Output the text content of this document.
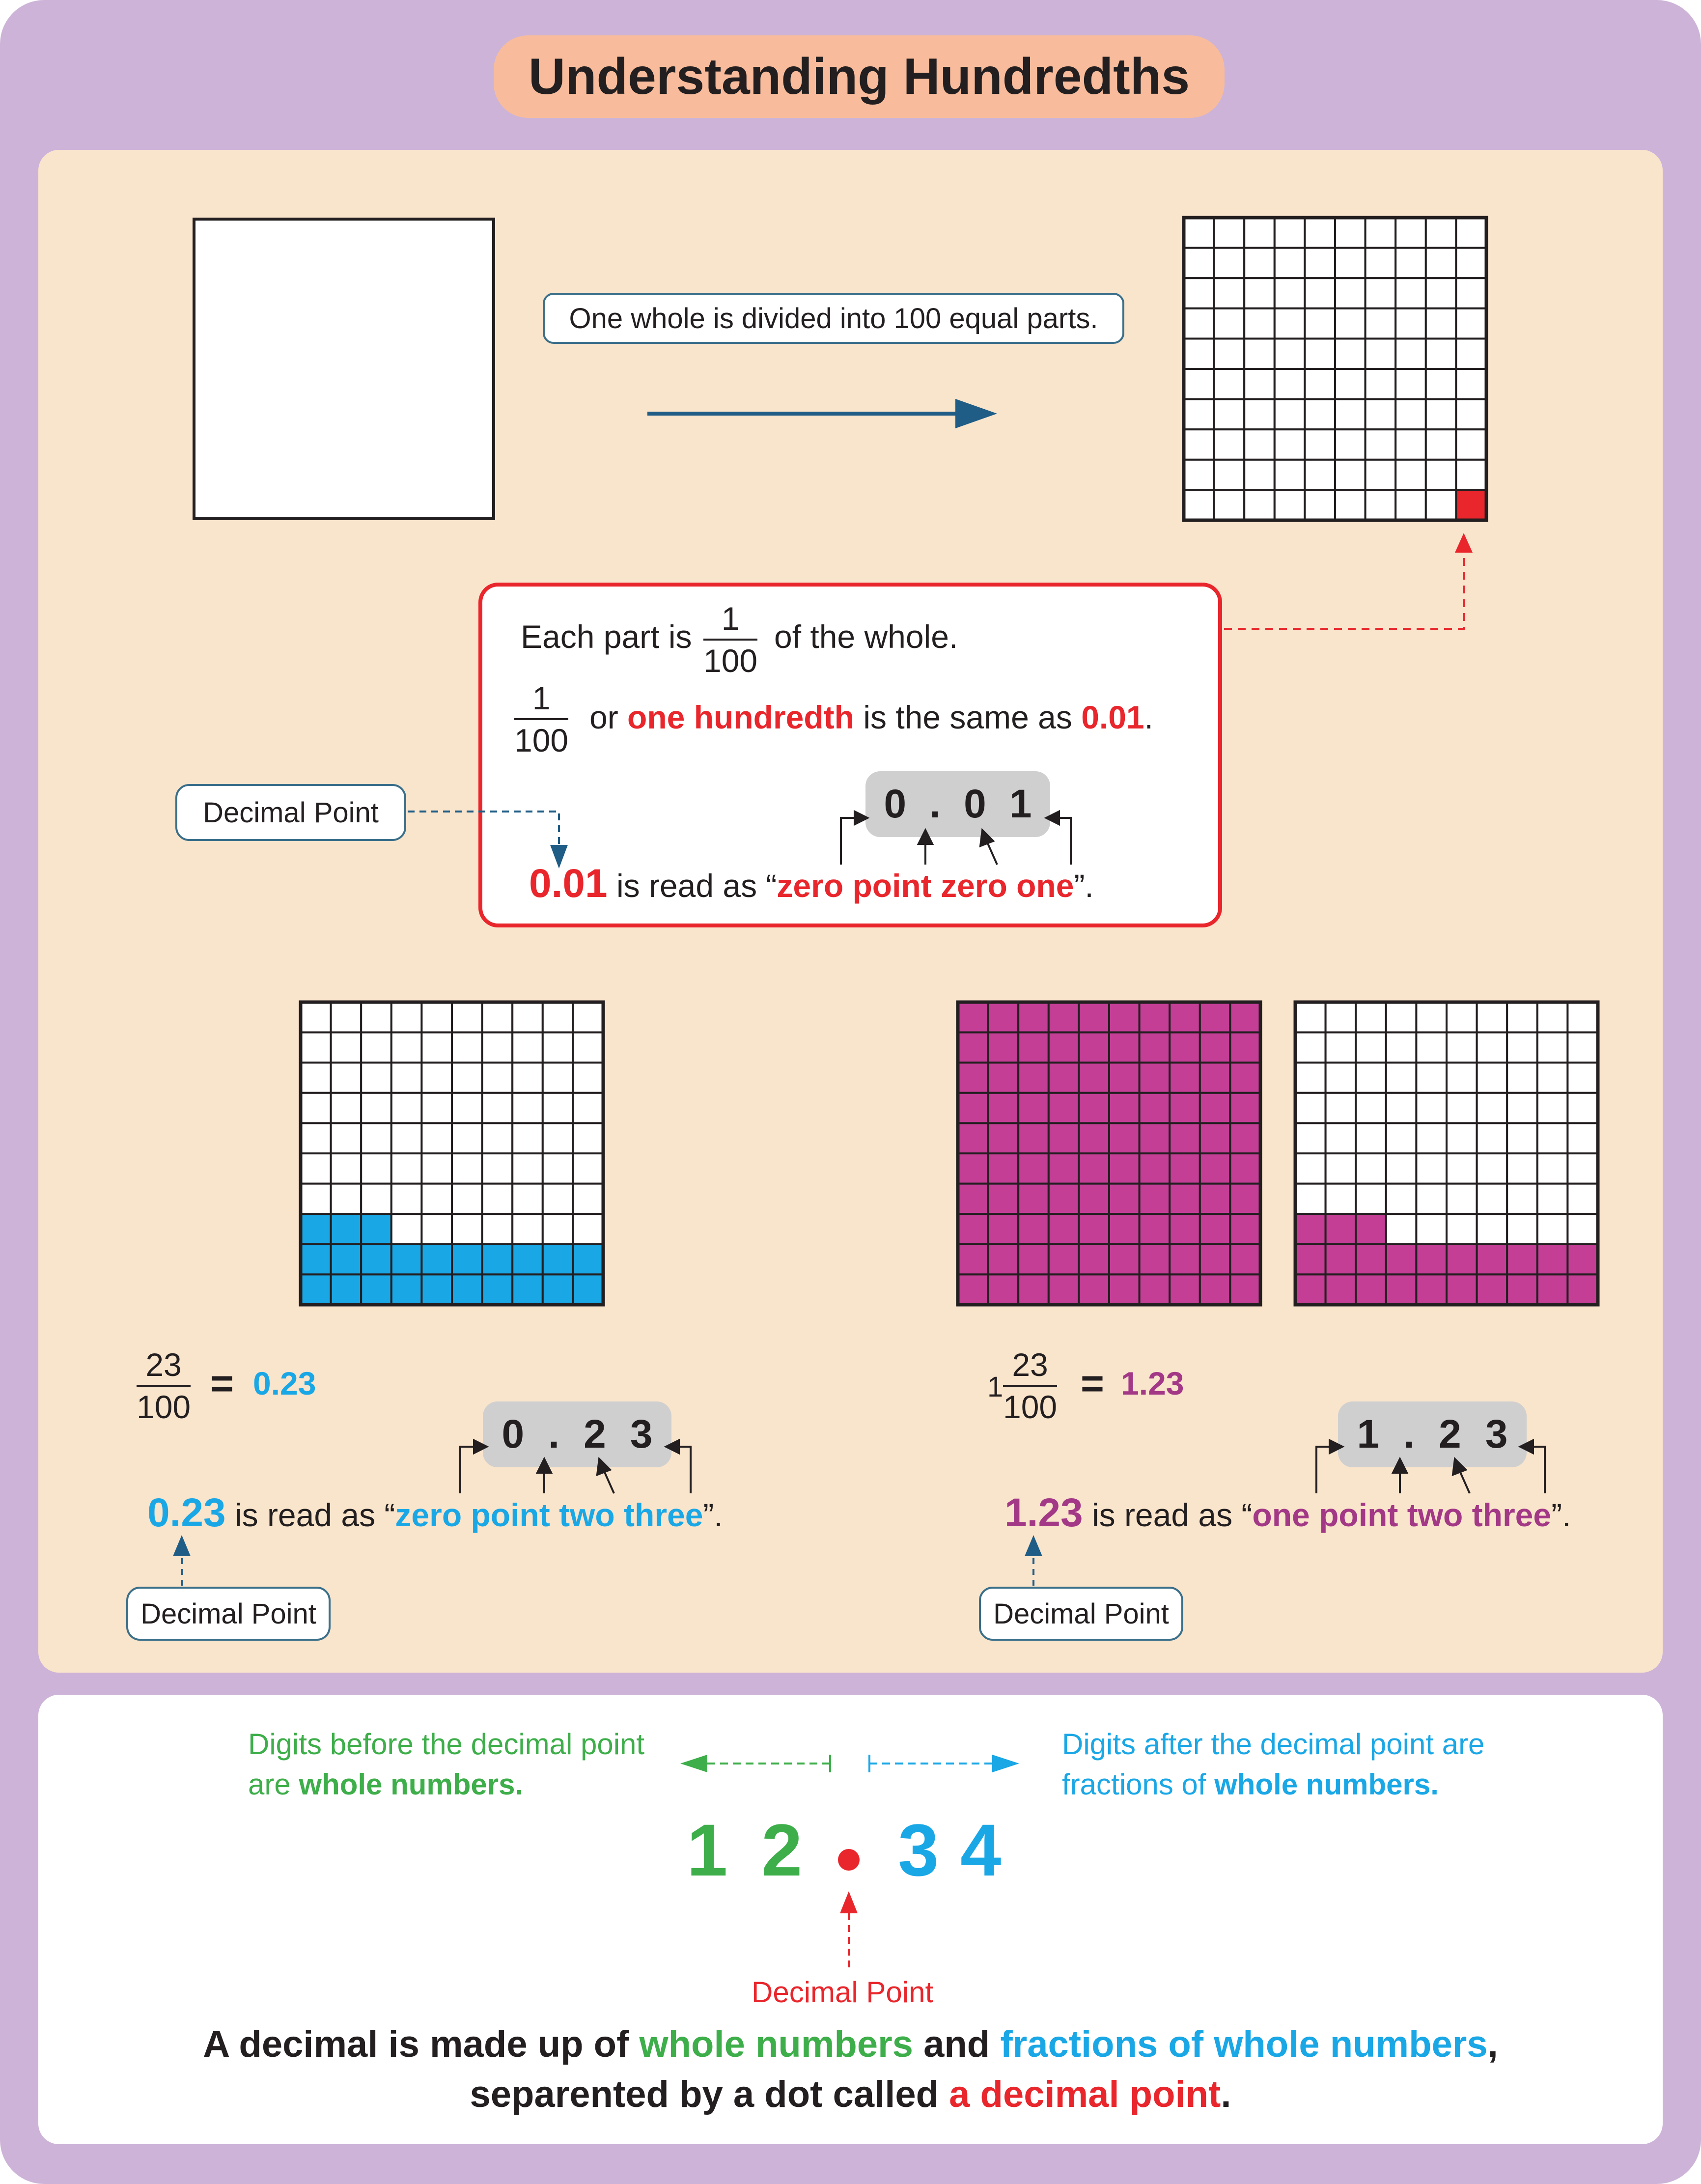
Understanding Hundredths
One whole is divided into 100 equal parts.
Each part is $\frac{1}{100}$ of the whole.
$\frac{1}{100}$ or one hundredth is the same as 0.01.
0 . 0 1
Decimal Point
0.01 is read as “zero point zero one”.
$\frac{23}{100} = 0.23$
0 . 2 3
0.23 is read as “zero point two three”.
Decimal Point
$1 \frac{23}{100} = 1.23$
1 . 2 3
1.23 is read as “one point two three”.
Decimal Point
Digits before the decimal point
are whole numbers.
Digits after the decimal point are
fractions of whole numbers.
1 2 3 4
Decimal Point
A decimal is made up of whole numbers and fractions of whole numbers,
separented by a dot called a decimal point.
